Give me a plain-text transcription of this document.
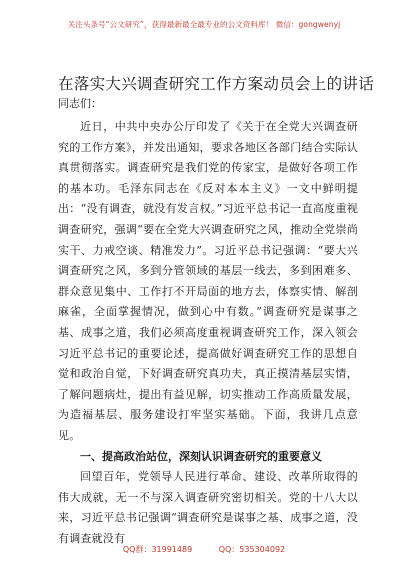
关注头条号“公文研究”，获得最新最全最专业的公文资料库！ 微信：gongwenyj
在落实大兴调查研究工作方案动员会上的讲话

同志们：

近日，中共中央办公厅印发了《关于在全党大兴调查研究的工作方案》，并发出通知，要求各地区各部门结合实际认真贯彻落实。调查研究是我们党的传家宝，是做好各项工作的基本功。毛泽东同志在《反对本本主义》一文中鲜明提出：“没有调查，就没有发言权。”习近平总书记一直高度重视调查研究，强调“要在全党大兴调查研究之风，推动全党崇尚实干、力戒空谈、精准发力”。习近平总书记强调：“要大兴调查研究之风，多到分管领域的基层一线去，多到困难多、群众意见集中、工作打不开局面的地方去，体察实情、解剖麻雀，全面掌握情况，做到心中有数。”调查研究是谋事之基、成事之道，我们必须高度重视调查研究工作，深入领会习近平总书记的重要论述，提高做好调查研究工作的思想自觉和政治自觉，下好调查研究真功夫，真正摸清基层实情，了解问题病灶，提出有益见解，切实推动工作高质量发展，为造福基层、服务建设打牢坚实基础。下面，我讲几点意见。

一、提高政治站位，深刻认识调查研究的重要意义

回望百年，党领导人民进行革命、建设、改革所取得的伟大成就，无一不与深入调查研究密切相关。党的十八大以来，习近平总书记强调“调查研究是谋事之基、成事之道，没有调查就没有

QQ群：31991489	QQ：535304092
